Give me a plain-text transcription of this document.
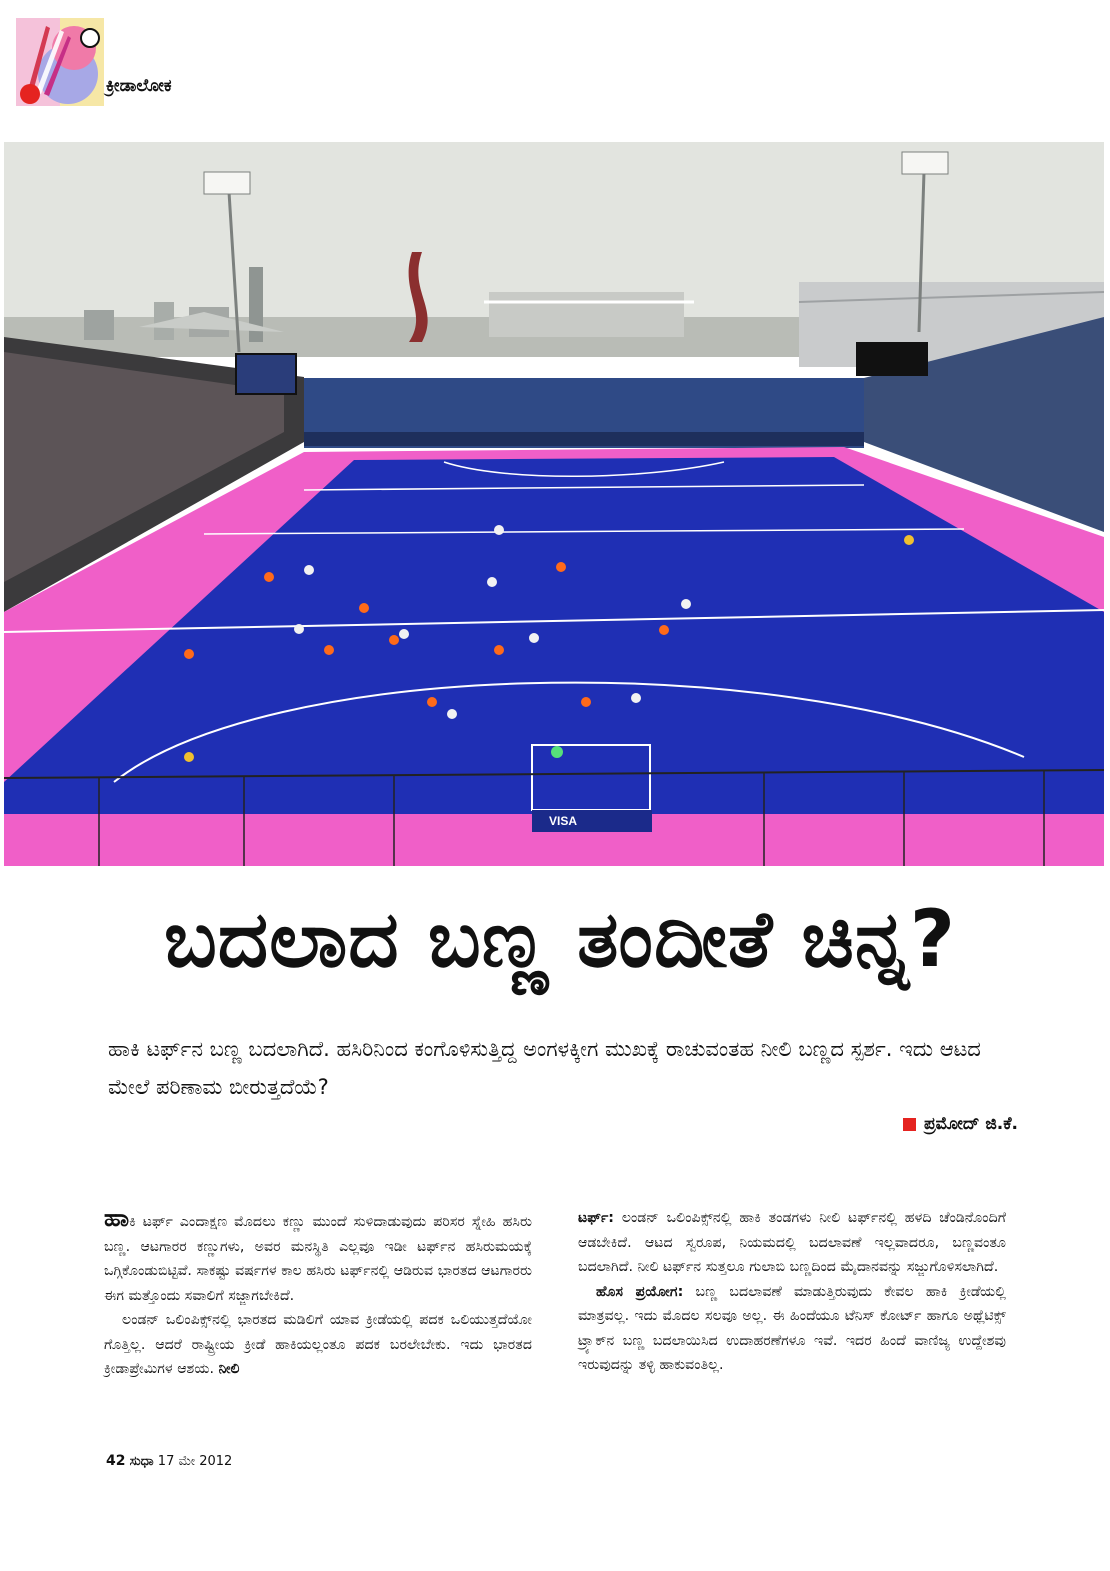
ಕ್ರೀಡಾಲೋಕ
VISA
ಬದಲಾದ ಬಣ್ಣ ತಂದೀತೆ ಚಿನ್ನ?
ಹಾಕಿ ಟರ್ಫ್‌ನ ಬಣ್ಣ ಬದಲಾಗಿದೆ. ಹಸಿರಿನಿಂದ ಕಂಗೊಳಿಸುತ್ತಿದ್ದ ಅಂಗಳಕ್ಕೀಗ ಮುಖಕ್ಕೆ ರಾಚುವಂತಹ ನೀಲಿ ಬಣ್ಣದ ಸ್ಪರ್ಶ. ಇದು ಆಟದ ಮೇಲೆ ಪರಿಣಾಮ ಬೀರುತ್ತದೆಯೆ?
ಪ್ರಮೋದ್ ಜಿ.ಕೆ.

ಹಾಕಿ ಟರ್ಫ್ ಎಂದಾಕ್ಷಣ ಮೊದಲು ಕಣ್ಣು ಮುಂದೆ ಸುಳಿದಾಡುವುದು ಪರಿಸರ ಸ್ನೇಹಿ ಹಸಿರು ಬಣ್ಣ. ಆಟಗಾರರ ಕಣ್ಣುಗಳು, ಅವರ ಮನಸ್ಥಿತಿ ಎಲ್ಲವೂ ಇಡೀ ಟರ್ಫ್‌ನ ಹಸಿರುಮಯಕ್ಕೆ ಒಗ್ಗಿಕೊಂಡುಬಿಟ್ಟಿವೆ. ಸಾಕಷ್ಟು ವರ್ಷಗಳ ಕಾಲ ಹಸಿರು ಟರ್ಫ್‌ನಲ್ಲಿ ಆಡಿರುವ ಭಾರತದ ಆಟಗಾರರು ಈಗ ಮತ್ತೊಂದು ಸವಾಲಿಗೆ ಸಜ್ಜಾಗಬೇಕಿದೆ.

ಲಂಡನ್ ಒಲಿಂಪಿಕ್ಸ್‌ನಲ್ಲಿ ಭಾರತದ ಮಡಿಲಿಗೆ ಯಾವ ಕ್ರೀಡೆಯಲ್ಲಿ ಪದಕ ಒಲಿಯುತ್ತದೆಯೋ ಗೊತ್ತಿಲ್ಲ. ಆದರೆ ರಾಷ್ಟ್ರೀಯ ಕ್ರೀಡೆ ಹಾಕಿಯಲ್ಲಂತೂ ಪದಕ ಬರಲೇಬೇಕು. ಇದು ಭಾರತದ ಕ್ರೀಡಾಪ್ರೇಮಿಗಳ ಆಶಯ. ನೀಲಿ

ಟರ್ಫ್: ಲಂಡನ್ ಒಲಿಂಪಿಕ್ಸ್‌ನಲ್ಲಿ ಹಾಕಿ ತಂಡಗಳು ನೀಲಿ ಟರ್ಫ್‌ನಲ್ಲಿ ಹಳದಿ ಚೆಂಡಿನೊಂದಿಗೆ ಆಡಬೇಕಿದೆ. ಆಟದ ಸ್ವರೂಪ, ನಿಯಮದಲ್ಲಿ ಬದಲಾವಣೆ ಇಲ್ಲವಾದರೂ, ಬಣ್ಣವಂತೂ ಬದಲಾಗಿದೆ. ನೀಲಿ ಟರ್ಫ್‌ನ ಸುತ್ತಲೂ ಗುಲಾಬಿ ಬಣ್ಣದಿಂದ ಮೈದಾನವನ್ನು ಸಜ್ಜುಗೊಳಿಸಲಾಗಿದೆ.

ಹೊಸ ಪ್ರಯೋಗ: ಬಣ್ಣ ಬದಲಾವಣೆ ಮಾಡುತ್ತಿರುವುದು ಕೇವಲ ಹಾಕಿ ಕ್ರೀಡೆಯಲ್ಲಿ ಮಾತ್ರವಲ್ಲ. ಇದು ಮೊದಲ ಸಲವೂ ಅಲ್ಲ. ಈ ಹಿಂದೆಯೂ ಟೆನಿಸ್ ಕೋರ್ಟ್ ಹಾಗೂ ಅಥ್ಲೆಟಿಕ್ಸ್ ಟ್ರ್ಯಾಕ್‌ನ ಬಣ್ಣ ಬದಲಾಯಿಸಿದ ಉದಾಹರಣೆಗಳೂ ಇವೆ. ಇದರ ಹಿಂದೆ ವಾಣಿಜ್ಯ ಉದ್ದೇಶವು ಇರುವುದನ್ನು ತಳ್ಳಿ ಹಾಕುವಂತಿಲ್ಲ.

42 ಸುಧಾ 17 ಮೇ 2012
